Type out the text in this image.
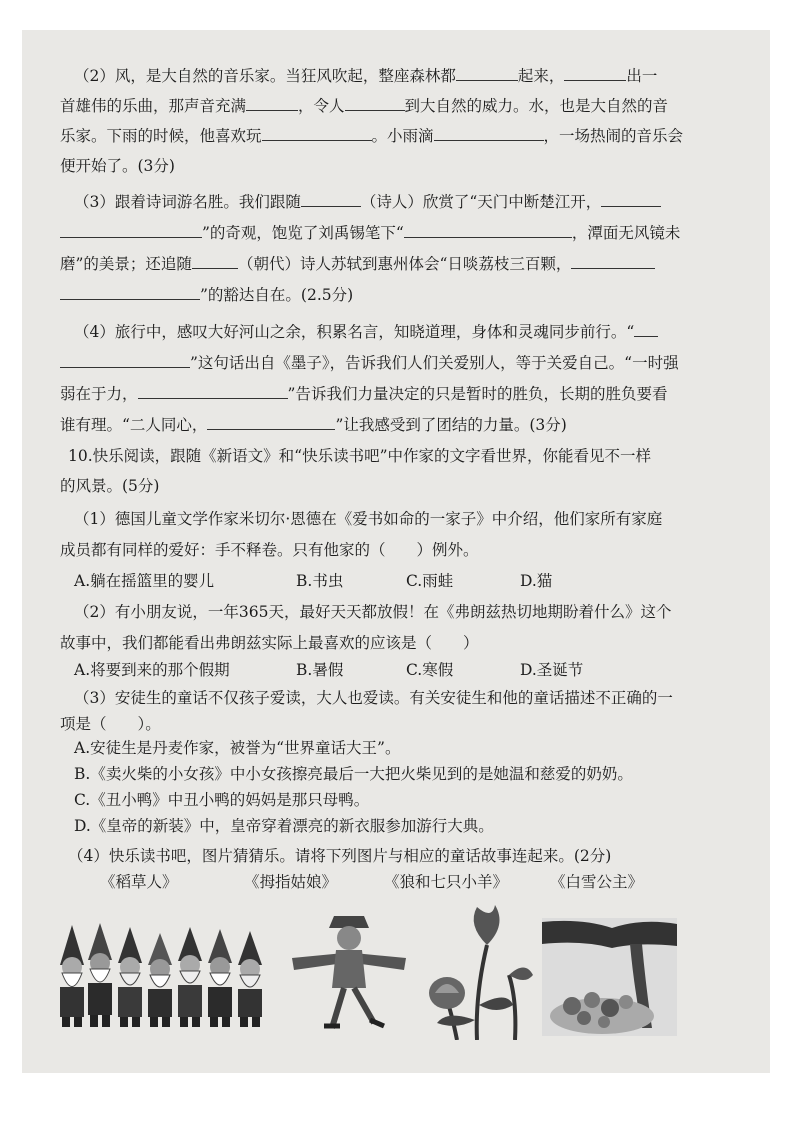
（2）风，是大自然的音乐家。当狂风吹起，整座森林都	起来，	出一
首雄伟的乐曲，那声音充满	，令人	到大自然的威力。水，也是大自然的音
乐家。下雨的时候，他喜欢玩	。小雨滴	，一场热闹的音乐会
便开始了。(3分)
（3）跟着诗词游名胜。我们跟随	（诗人）欣赏了“天门中断楚江开，
”的奇观，饱览了刘禹锡笔下“	，潭面无风镜未
磨”的美景；还追随	（朝代）诗人苏轼到惠州体会“日啖荔枝三百颗，
”的豁达自在。(2.5分)
（4）旅行中，感叹大好河山之余，积累名言，知晓道理，身体和灵魂同步前行。“
”这句话出自《墨子》，告诉我们人们关爱别人，等于关爱自己。“一时强
弱在于力，	”告诉我们力量决定的只是暂时的胜负，长期的胜负要看
谁有理。“二人同心，	”让我感受到了团结的力量。(3分)
10.快乐阅读，跟随《新语文》和“快乐读书吧”中作家的文字看世界，你能看见不一样
的风景。(5分)
（1）德国儿童文学作家米切尔·恩德在《爱书如命的一家子》中介绍，他们家所有家庭
成员都有同样的爱好：手不释卷。只有他家的（　　）例外。
A.躺在摇篮里的婴儿	B.书虫	C.雨蛙	D.猫
（2）有小朋友说，一年365天，最好天天都放假！在《弗朗兹热切地期盼着什么》这个
故事中，我们都能看出弗朗兹实际上最喜欢的应该是（　　）
A.将要到来的那个假期	B.暑假	C.寒假	D.圣诞节
（3）安徒生的童话不仅孩子爱读，大人也爱读。有关安徒生和他的童话描述不正确的一
项是（　　）。
A.安徒生是丹麦作家，被誉为“世界童话大王”。
B.《卖火柴的小女孩》中小女孩擦亮最后一大把火柴见到的是她温和慈爱的奶奶。
C.《丑小鸭》中丑小鸭的妈妈是那只母鸭。
D.《皇帝的新装》中，皇帝穿着漂亮的新衣服参加游行大典。
（4）快乐读书吧，图片猜猜乐。请将下列图片与相应的童话故事连起来。(2分)
《稻草人》	《拇指姑娘》	《狼和七只小羊》	《白雪公主》
